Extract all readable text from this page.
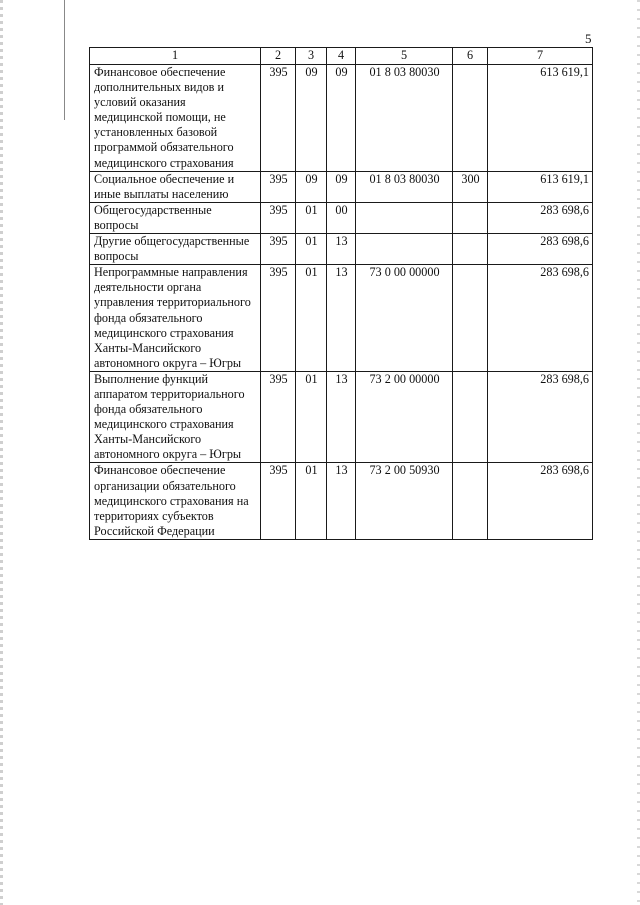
5
1	2	3	4	5	6	7
Финансовое обеспечение дополнительных видов и условий оказания медицинской помощи, не установленных базовой программой обязательного медицинского страхования	395	09	09	01 8 03 80030		613 619,1
Социальное обеспечение и иные выплаты населению	395	09	09	01 8 03 80030	300	613 619,1
Общегосударственные вопросы	395	01	00			283 698,6
Другие общегосударственные вопросы	395	01	13			283 698,6
Непрограммные направления деятельности органа управления территориального фонда обязательного медицинского страхования Ханты-Мансийского автономного округа – Югры	395	01	13	73 0 00 00000		283 698,6
Выполнение функций аппаратом территориального фонда обязательного медицинского страхования Ханты-Мансийского автономного округа – Югры	395	01	13	73 2 00 00000		283 698,6
Финансовое обеспечение организации обязательного медицинского страхования на территориях субъектов Российской Федерации	395	01	13	73 2 00 50930		283 698,6
